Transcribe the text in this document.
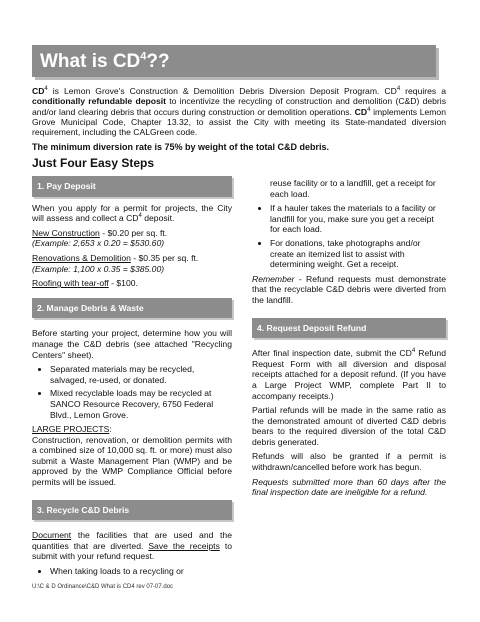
What is $CD^4$??

$CD^4$ is Lemon Grove's Construction & Demolition Debris Diversion Deposit Program. $CD^4$ requires a conditionally refundable deposit to incentivize the recycling of construction and demolition (C&D) debris and/or land clearing debris that occurs during construction or demolition operations. $CD^4$ implements Lemon Grove Municipal Code, Chapter 13.32, to assist the City with meeting its State-mandated diversion requirement, including the CALGreen code.

The minimum diversion rate is 75% by weight of the total C&D debris.

Just Four Easy Steps
1. Pay Deposit

When you apply for a permit for projects, the City will assess and collect a $CD^4$ deposit.

New Construction - $0.20 per sq. ft.
(Example: 2,653 x 0.20 = $530.60)

Renovations & Demolition - $0.35 per sq. ft.
(Example: 1,100 x 0.35 = $385.00)

Roofing with tear-off - $100.

2. Manage Debris & Waste

Before starting your project, determine how you will manage the C&D debris (see attached "Recycling Centers" sheet).

• Separated materials may be recycled, salvaged, re-used, or donated.
• Mixed recyclable loads may be recycled at SANCO Resource Recovery, 6750 Federal Blvd., Lemon Grove.

LARGE PROJECTS:
Construction, renovation, or demolition permits with a combined size of 10,000 sq. ft. or more) must also submit a Waste Management Plan (WMP) and be approved by the WMP Compliance Official before permits will be issued.

3. Recycle C&D Debris

Document the facilities that are used and the quantities that are diverted. Save the receipts to submit with your refund request.

• When taking loads to a recycling or

reuse facility or to a landfill, get a receipt for each load.

• If a hauler takes the materials to a facility or landfill for you, make sure you get a receipt for each load.
• For donations, take photographs and/or create an itemized list to assist with determining weight. Get a receipt.

Remember - Refund requests must demonstrate that the recyclable C&D debris were diverted from the landfill.

4. Request Deposit Refund

After final inspection date, submit the $CD^4$ Refund Request Form with all diversion and disposal receipts attached for a deposit refund. (If you have a Large Project WMP, complete Part II to accompany receipts.)

Partial refunds will be made in the same ratio as the demonstrated amount of diverted C&D debris bears to the required diversion of the total C&D debris generated.

Refunds will also be granted if a permit is withdrawn/cancelled before work has begun.

Requests submitted more than 60 days after the final inspection date are ineligible for a refund.

U:\C & D Ordinance\C&D What is CD4 rev 07-07.doc
